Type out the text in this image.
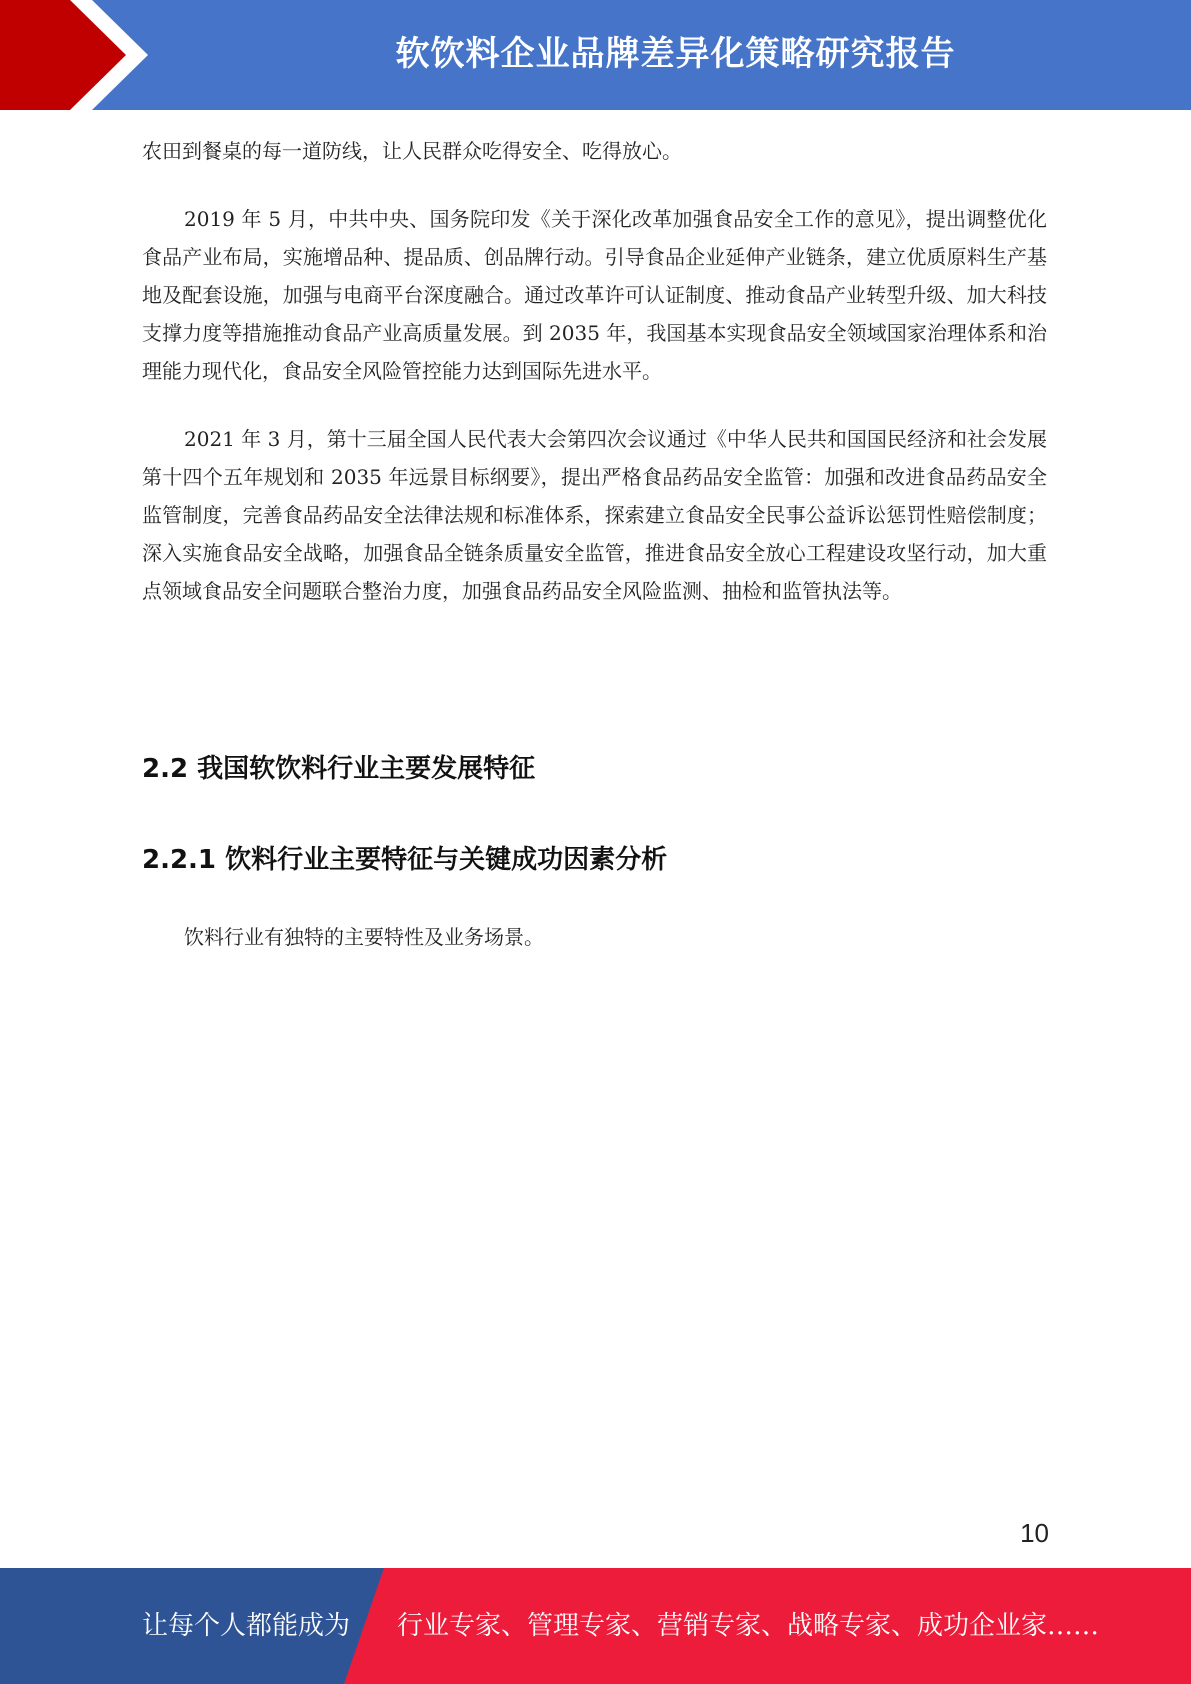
软饮料企业品牌差异化策略研究报告

农田到餐桌的每一道防线，让人民群众吃得安全、吃得放心。

2019 年 5 月，中共中央、国务院印发《关于深化改革加强食品安全工作的意见》，提出调整优化食品产业布局，实施增品种、提品质、创品牌行动。引导食品企业延伸产业链条，建立优质原料生产基地及配套设施，加强与电商平台深度融合。通过改革许可认证制度、推动食品产业转型升级、加大科技支撑力度等措施推动食品产业高质量发展。到 2035 年，我国基本实现食品安全领域国家治理体系和治理能力现代化，食品安全风险管控能力达到国际先进水平。

2021 年 3 月，第十三届全国人民代表大会第四次会议通过《中华人民共和国国民经济和社会发展第十四个五年规划和 2035 年远景目标纲要》，提出严格食品药品安全监管：加强和改进食品药品安全监管制度，完善食品药品安全法律法规和标准体系，探索建立食品安全民事公益诉讼惩罚性赔偿制度；深入实施食品安全战略，加强食品全链条质量安全监管，推进食品安全放心工程建设攻坚行动，加大重点领域食品安全问题联合整治力度，加强食品药品安全风险监测、抽检和监管执法等。

2.2 我国软饮料行业主要发展特征
2.2.1 饮料行业主要特征与关键成功因素分析

饮料行业有独特的主要特性及业务场景。

10
让每个人都能成为 行业专家、管理专家、营销专家、战略专家、成功企业家……
